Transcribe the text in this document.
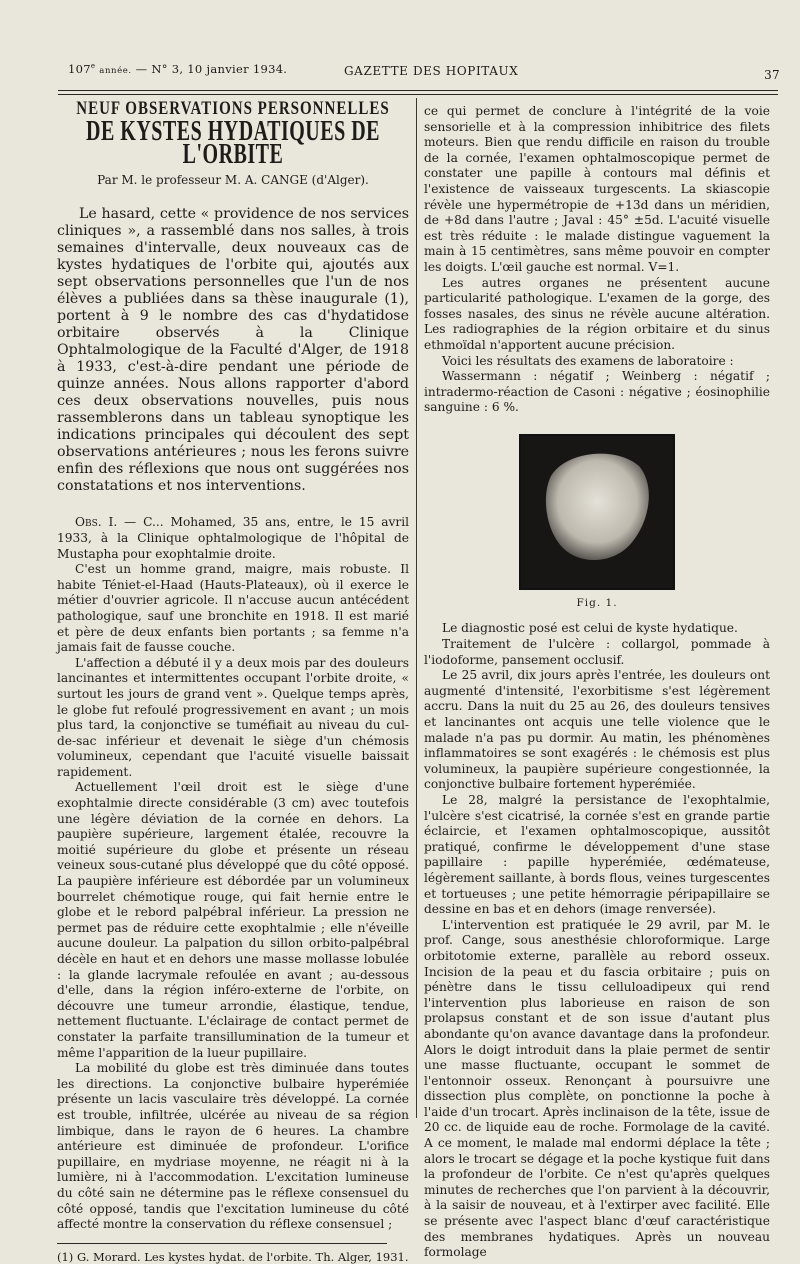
107e année. — N° 3, 10 janvier 1934.	GAZETTE DES HOPITAUX	37
NEUF OBSERVATIONS PERSONNELLES
DE KYSTES HYDATIQUES DE L'ORBITE
Par M. le professeur M. A. CANGE (d'Alger).

Le hasard, cette « providence de nos services cliniques », a rassemblé dans nos salles, à trois semaines d'intervalle, deux nouveaux cas de kystes hydatiques de l'orbite qui, ajoutés aux sept observations personnelles que l'un de nos élèves a publiées dans sa thèse inaugurale (1), portent à 9 le nombre des cas d'hydatidose orbitaire observés à la Clinique Ophtalmologique de la Faculté d'Alger, de 1918 à 1933, c'est-à-dire pendant une période de quinze années. Nous allons rapporter d'abord ces deux observations nouvelles, puis nous rassemblerons dans un tableau synoptique les indications principales qui découlent des sept observations antérieures ; nous les ferons suivre enfin des réflexions que nous ont suggérées nos constatations et nos interventions.

Obs. I. — C... Mohamed, 35 ans, entre, le 15 avril 1933, à la Clinique ophtalmologique de l'hôpital de Mustapha pour exophtalmie droite.

C'est un homme grand, maigre, mais robuste. Il habite Téniet-el-Haad (Hauts-Plateaux), où il exerce le métier d'ouvrier agricole. Il n'accuse aucun antécédent pathologique, sauf une bronchite en 1918. Il est marié et père de deux enfants bien portants ; sa femme n'a jamais fait de fausse couche.

L'affection a débuté il y a deux mois par des douleurs lancinantes et intermittentes occupant l'orbite droite, « surtout les jours de grand vent ». Quelque temps après, le globe fut refoulé progressivement en avant ; un mois plus tard, la conjonctive se tuméfiait au niveau du cul-de-sac inférieur et devenait le siège d'un chémosis volumineux, cependant que l'acuité visuelle baissait rapidement.

Actuellement l'œil droit est le siège d'une exophtalmie directe considérable (3 cm) avec toutefois une légère déviation de la cornée en dehors. La paupière supérieure, largement étalée, recouvre la moitié supérieure du globe et présente un réseau veineux sous-cutané plus développé que du côté opposé. La paupière inférieure est débordée par un volumineux bourrelet chémotique rouge, qui fait hernie entre le globe et le rebord palpébral inférieur. La pression ne permet pas de réduire cette exophtalmie ; elle n'éveille aucune douleur. La palpation du sillon orbito-palpébral décèle en haut et en dehors une masse mollasse lobulée : la glande lacrymale refoulée en avant ; au-dessous d'elle, dans la région inféro-externe de l'orbite, on découvre une tumeur arrondie, élastique, tendue, nettement fluctuante. L'éclairage de contact permet de constater la parfaite transillumination de la tumeur et même l'apparition de la lueur pupillaire.

La mobilité du globe est très diminuée dans toutes les directions. La conjonctive bulbaire hyperémiée présente un lacis vasculaire très développé. La cornée est trouble, infiltrée, ulcérée au niveau de sa région limbique, dans le rayon de 6 heures. La chambre antérieure est diminuée de profondeur. L'orifice pupillaire, en mydriase moyenne, ne réagit ni à la lumière, ni à l'accommodation. L'excitation lumineuse du côté sain ne détermine pas le réflexe consensuel du côté opposé, tandis que l'excitation lumineuse du côté affecté montre la conservation du réflexe consensuel ;

(1) G. Morard. Les kystes hydat. de l'orbite. Th. Alger, 1931.

ce qui permet de conclure à l'intégrité de la voie sensorielle et à la compression inhibitrice des filets moteurs. Bien que rendu difficile en raison du trouble de la cornée, l'examen ophtalmoscopique permet de constater une papille à contours mal définis et l'existence de vaisseaux turgescents. La skiascopie révèle une hypermétropie de +13d dans un méridien, de +8d dans l'autre ; Javal : 45° ±5d. L'acuité visuelle est très réduite : le malade distingue vaguement la main à 15 centimètres, sans même pouvoir en compter les doigts. L'œil gauche est normal. V=1.

Les autres organes ne présentent aucune particularité pathologique. L'examen de la gorge, des fosses nasales, des sinus ne révèle aucune altération. Les radiographies de la région orbitaire et du sinus ethmoïdal n'apportent aucune précision.

Voici les résultats des examens de laboratoire :

Wassermann : négatif ; Weinberg : négatif ; intradermo-réaction de Casoni : négative ; éosinophilie sanguine : 6 %.

Fig. 1.

Le diagnostic posé est celui de kyste hydatique.

Traitement de l'ulcère : collargol, pommade à l'iodoforme, pansement occlusif.

Le 25 avril, dix jours après l'entrée, les douleurs ont augmenté d'intensité, l'exorbitisme s'est légèrement accru. Dans la nuit du 25 au 26, des douleurs tensives et lancinantes ont acquis une telle violence que le malade n'a pas pu dormir. Au matin, les phénomènes inflammatoires se sont exagérés : le chémosis est plus volumineux, la paupière supérieure congestionnée, la conjonctive bulbaire fortement hyperémiée.

Le 28, malgré la persistance de l'exophtalmie, l'ulcère s'est cicatrisé, la cornée s'est en grande partie éclaircie, et l'examen ophtalmoscopique, aussitôt pratiqué, confirme le développement d'une stase papillaire : papille hyperémiée, œdémateuse, légèrement saillante, à bords flous, veines turgescentes et tortueuses ; une petite hémorragie péripapillaire se dessine en bas et en dehors (image renversée).

L'intervention est pratiquée le 29 avril, par M. le prof. Cange, sous anesthésie chloroformique. Large orbitotomie externe, parallèle au rebord osseux. Incision de la peau et du fascia orbitaire ; puis on pénètre dans le tissu celluloadipeux qui rend l'intervention plus laborieuse en raison de son prolapsus constant et de son issue d'autant plus abondante qu'on avance davantage dans la profondeur. Alors le doigt introduit dans la plaie permet de sentir une masse fluctuante, occupant le sommet de l'entonnoir osseux. Renonçant à poursuivre une dissection plus complète, on ponctionne la poche à l'aide d'un trocart. Après inclinaison de la tête, issue de 20 cc. de liquide eau de roche. Formolage de la cavité. A ce moment, le malade mal endormi déplace la tête ; alors le trocart se dégage et la poche kystique fuit dans la profondeur de l'orbite. Ce n'est qu'après quelques minutes de recherches que l'on parvient à la découvrir, à la saisir de nouveau, et à l'extirper avec facilité. Elle se présente avec l'aspect blanc d'œuf caractéristique des membranes hydatiques. Après un nouveau formolage
